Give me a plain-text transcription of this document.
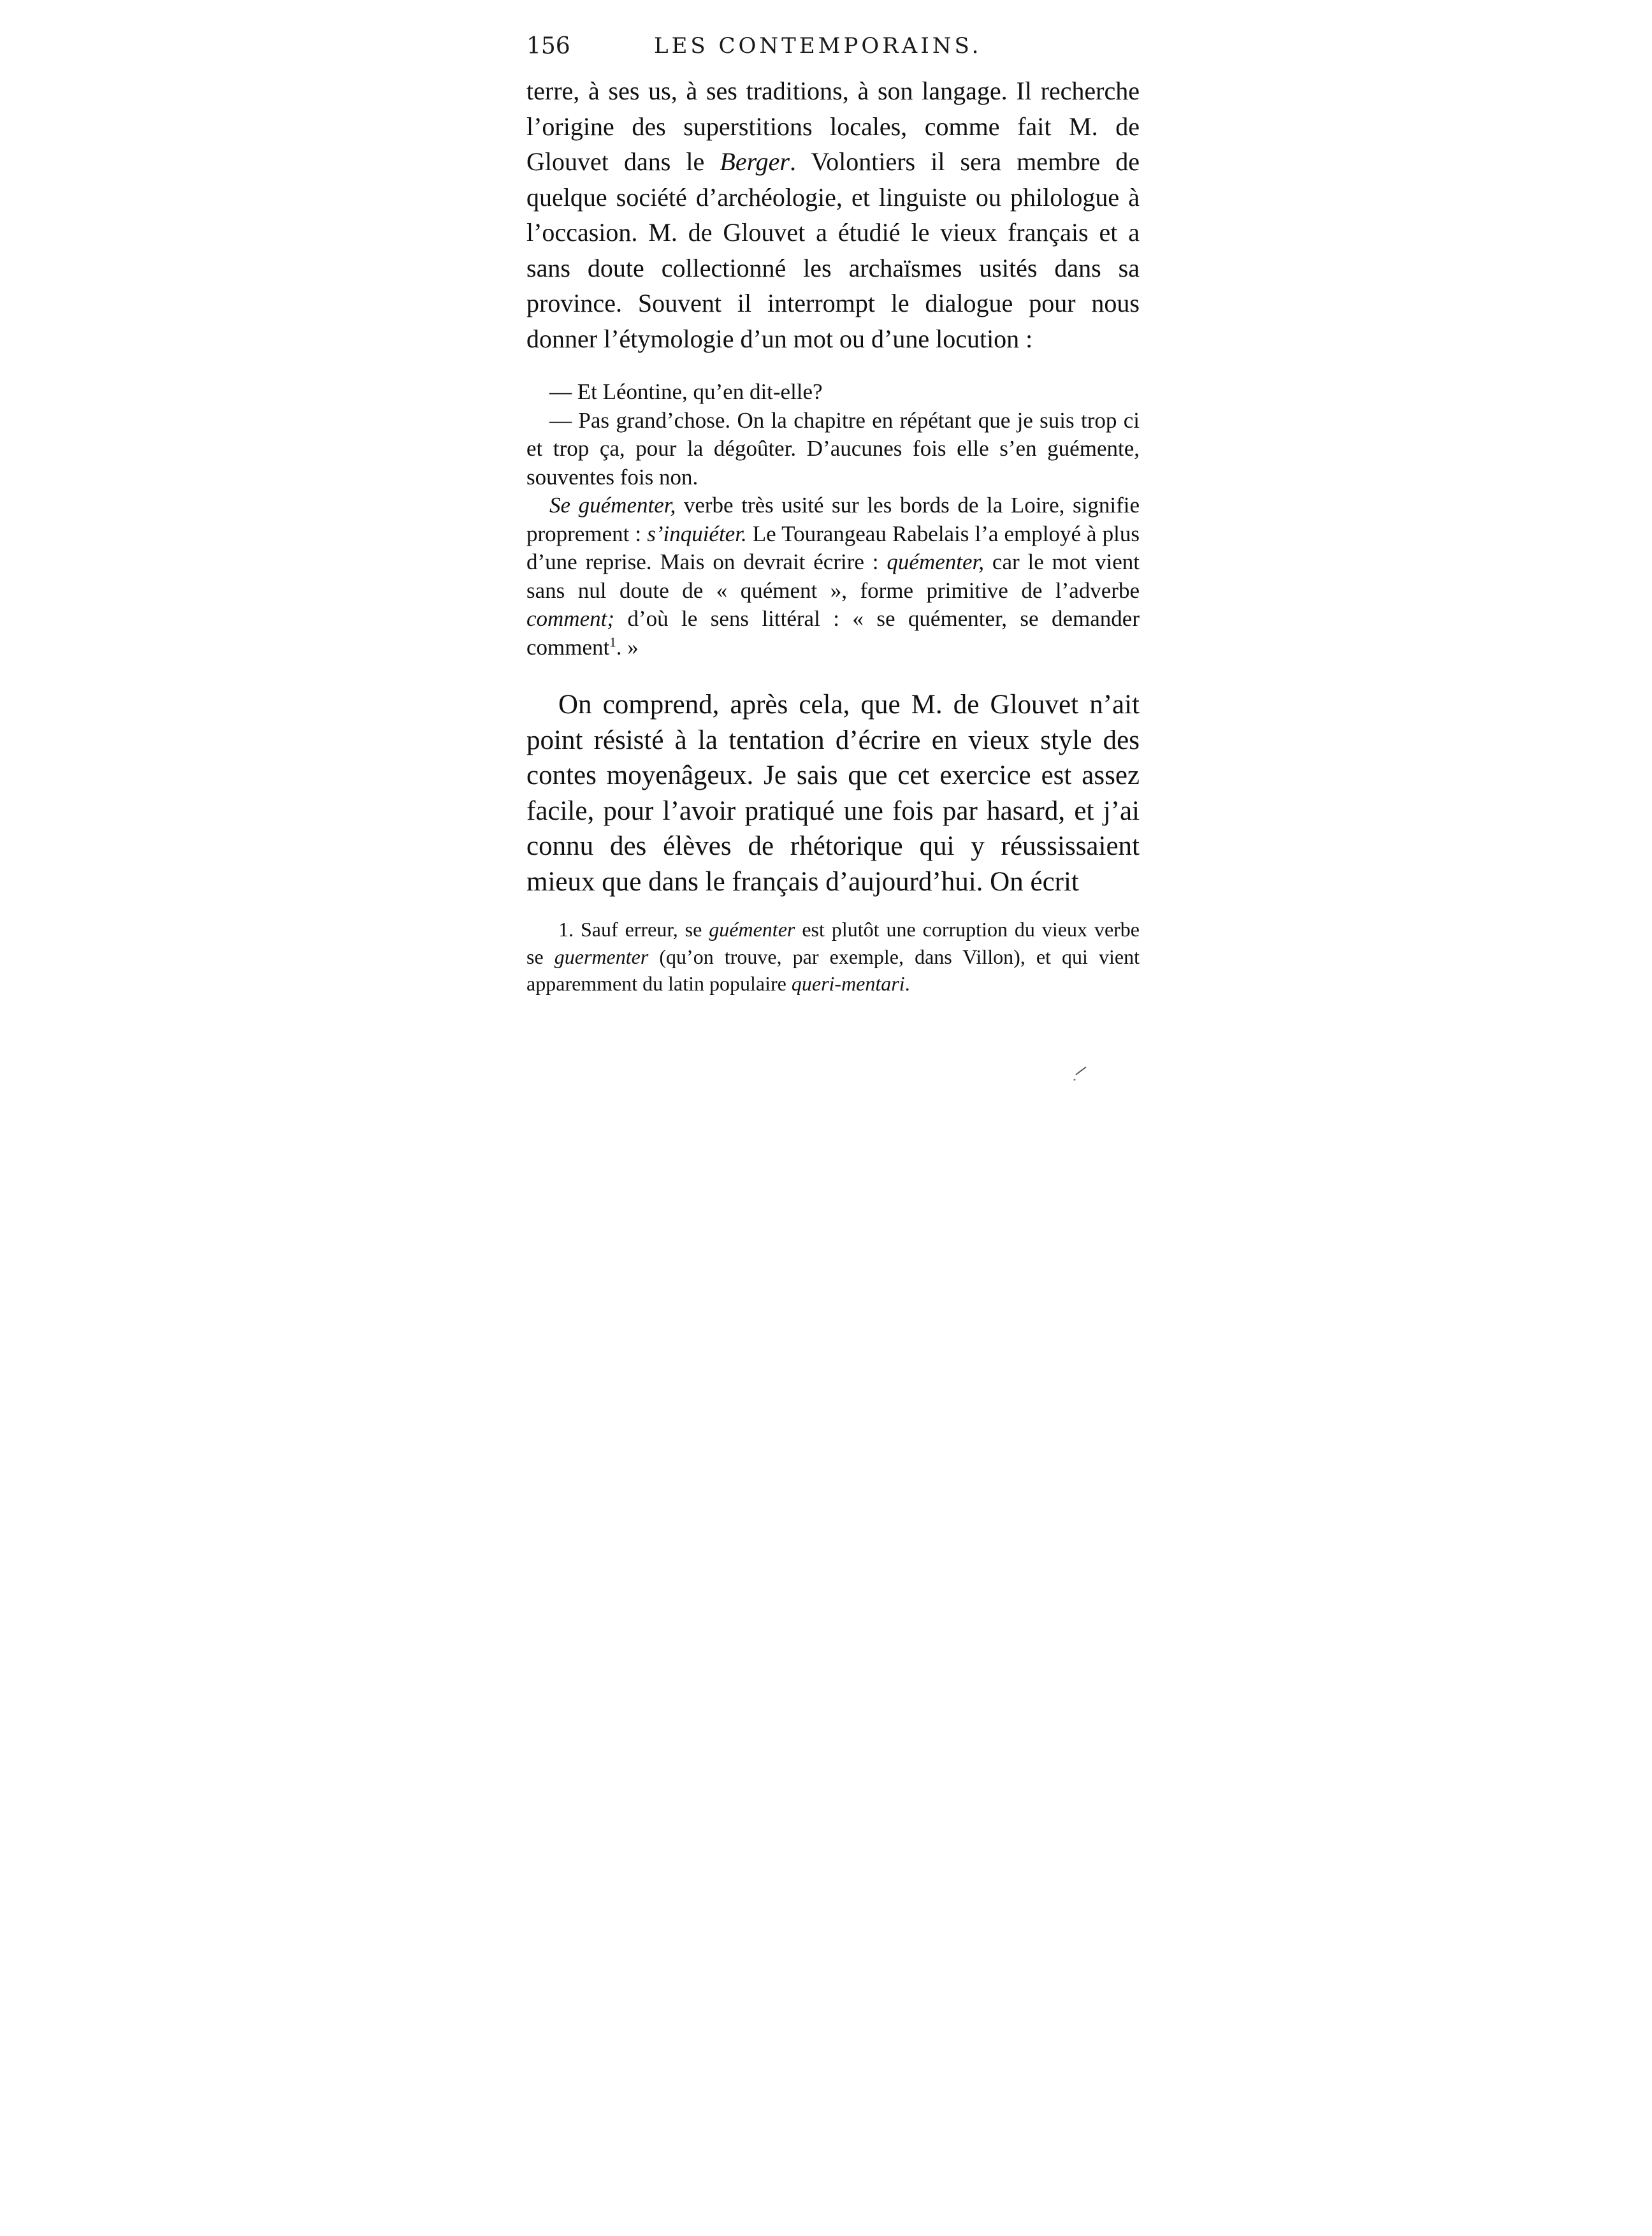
156	LES CONTEMPORAINS.

terre, à ses us, à ses traditions, à son langage. Il recherche l’origine des superstitions locales, comme fait M. de Glouvet dans le Berger. Volontiers il sera membre de quelque société d’archéologie, et linguiste ou philologue à l’occasion. M. de Glouvet a étudié le vieux français et a sans doute collectionné les archaïsmes usités dans sa province. Souvent il interrompt le dialogue pour nous donner l’étymologie d’un mot ou d’une locution :

— Et Léontine, qu’en dit-elle?

— Pas grand’chose. On la chapitre en répétant que je suis trop ci et trop ça, pour la dégoûter. D’aucunes fois elle s’en guémente, souventes fois non.

Se guémenter, verbe très usité sur les bords de la Loire, signifie proprement : s’inquiéter. Le Tourangeau Rabelais l’a employé à plus d’une reprise. Mais on devrait écrire : quémenter, car le mot vient sans nul doute de « quément », forme primitive de l’adverbe comment; d’où le sens littéral : « se quémenter, se demander comment$^1$. »

On comprend, après cela, que M. de Glouvet n’ait point résisté à la tentation d’écrire en vieux style des contes moyenâgeux. Je sais que cet exercice est assez facile, pour l’avoir pratiqué une fois par hasard, et j’ai connu des élèves de rhétorique qui y réussissaient mieux que dans le français d’aujourd’hui. On écrit

1. Sauf erreur, se guémenter est plutôt une corruption du vieux verbe se guermenter (qu’on trouve, par exemple, dans Villon), et qui vient apparemment du latin populaire queri-mentari.
